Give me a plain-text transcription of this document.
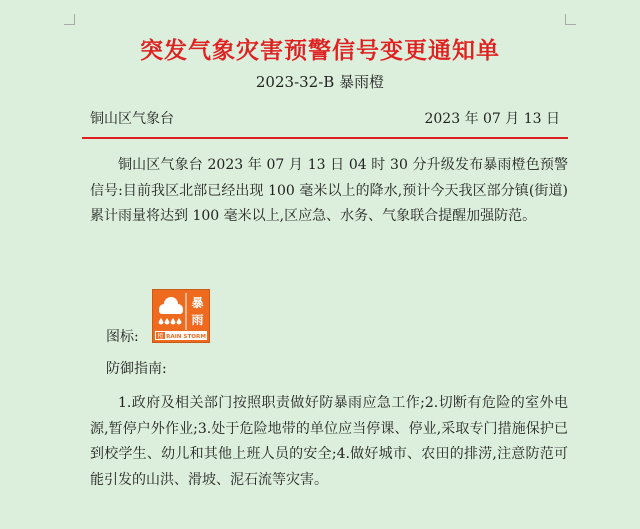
突发气象灾害预警信号变更通知单
2023-32-B 暴雨橙
铜山区气象台	2023 年 07 月 13 日

铜山区气象台 2023 年 07 月 13 日 04 时 30 分升级发布暴雨橙色预警信号:目前我区北部已经出现 100 毫米以上的降水,预计今天我区部分镇(街道)累计雨量将达到 100 毫米以上,区应急、水务、气象联合提醒加强防范。

图标:
暴
雨
橙 RAIN STORM
防御指南:

1.政府及相关部门按照职责做好防暴雨应急工作;2.切断有危险的室外电源,暂停户外作业;3.处于危险地带的单位应当停课、停业,采取专门措施保护已到校学生、幼儿和其他上班人员的安全;4.做好城市、农田的排涝,注意防范可能引发的山洪、滑坡、泥石流等灾害。
